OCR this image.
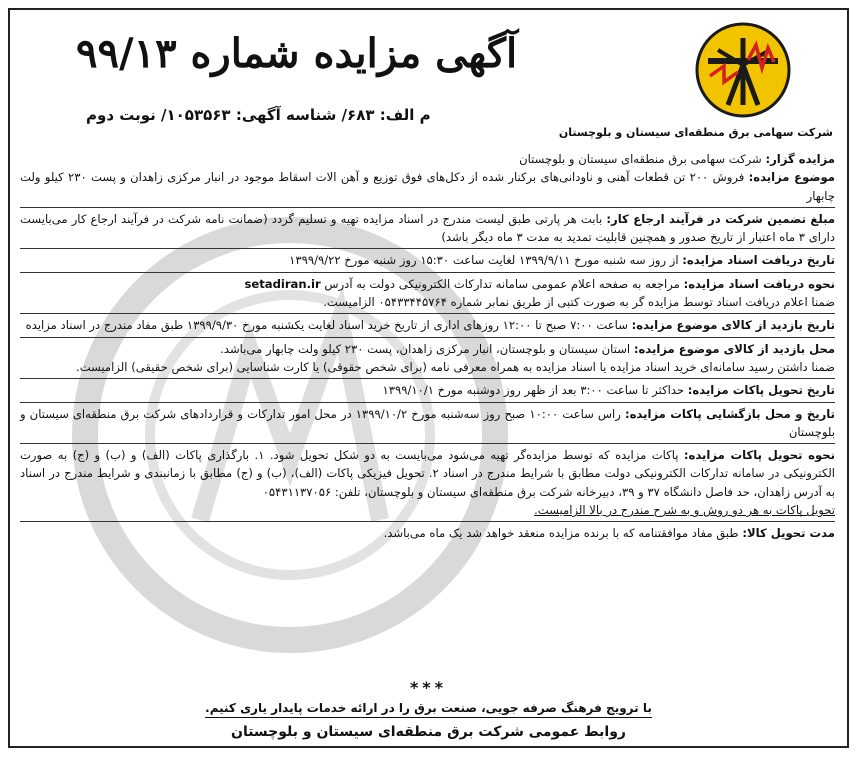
شرکت سهامی برق منطقه‌ای سیستان و بلوچستان
آگهی مزایده شماره ۹۹/۱۳
م الف: ۶۸۳/ شناسه آگهی: ۱۰۵۳۵۶۳/ نوبت دوم

مزایده گزار: شرکت سهامی برق منطقه‌ای سیستان و بلوچستان

موضوع مزایده: فروش ۲۰۰ تن قطعات آهنی و ناودانی‌های برکنار شده از دکل‌های فوق توزیع و آهن الات اسقاط موجود در انبار مرکزی زاهدان و پست ۲۳۰ کیلو ولت چابهار

مبلغ تضمین شرکت در فرآیند ارجاع کار: بابت هر پارتی طبق لیست مندرج در اسناد مزایده تهیه و تسلیم گردد (ضمانت نامه شرکت در فرآیند ارجاع کار می‌بایست دارای ۳ ماه اعتبار از تاریخ صدور و همچنین قابلیت تمدید به مدت ۳ ماه دیگر باشد)

تاریخ دریافت اسناد مزایده: از روز سه شنبه مورخ ۱۳۹۹/۹/۱۱ لغایت ساعت ۱۵:۳۰ روز شنبه مورخ ۱۳۹۹/۹/۲۲

نحوه دریافت اسناد مزایده: مراجعه به صفحه اعلام عمومی سامانه تدارکات الکترونیکی دولت به آدرس setadiran.ir

ضمنا اعلام دریافت اسناد توسط مزایده گر به صورت کتبی از طریق نمابر شماره ۰۵۴۳۳۴۴۵۷۶۴ الزامیست.

تاریخ بازدید از کالای موضوع مزایده: ساعت ۷:۰۰ صبح تا ۱۲:۰۰ روزهای اداری از تاریخ خرید اسناد لغایت یکشنبه مورخ ۱۳۹۹/۹/۳۰ طبق مفاد مندرج در اسناد مزایده

محل بازدید از کالای موضوع مزایده: استان سیستان و بلوچستان، انبار مرکزی زاهدان، پست ۲۳۰ کیلو ولت چابهار می‌باشد.

ضمنا داشتن رسید سامانه‌ای خرید اسناد مزایده یا اسناد مزایده به همراه معرفی نامه (برای شخص حقوقی) یا کارت شناسایی (برای شخص حقیقی) الزامیست.

تاریخ تحویل پاکات مزایده: حداکثر تا ساعت ۳:۰۰ بعد از ظهر روز دوشنبه مورخ ۱۳۹۹/۱۰/۱

تاریخ و محل بازگشایی پاکات مزایده: راس ساعت ۱۰:۰۰ صبح روز سه‌شنبه مورخ ۱۳۹۹/۱۰/۲ در محل امور تدارکات و قراردادهای شرکت برق منطقه‌ای سیستان و بلوچستان

نحوه تحویل پاکات مزایده: پاکات مزایده که توسط مزایده‌گر تهیه می‌شود می‌بایست به دو شکل تحویل شود. ۱. بارگذاری پاکات (الف) و (ب) و (ج) به صورت الکترونیکی در سامانه تدارکات الکترونیکی دولت مطابق با شرایط مندرج در اسناد ۲. تحویل فیزیکی پاکات (الف)، (ب) و (ج) مطابق با زمانبندی و شرایط مندرج در اسناد به آدرس زاهدان، حد فاصل دانشگاه ۳۷ و ۳۹، دبیرخانه شرکت برق منطقه‌ای سیستان و بلوچستان، تلفن: ۰۵۴۳۱۱۳۷۰۵۶

تحویل پاکات به هر دو روش و به شرح مندرج در بالا الزامیست.

مدت تحویل کالا: طبق مفاد موافقتنامه که با برنده مزایده منعقد خواهد شد یک ماه می‌باشد.

***
با ترویج فرهنگ صرفه جویی، صنعت برق را در ارائه خدمات پایدار یاری کنیم.
روابط عمومی شرکت برق منطقه‌ای سیستان و بلوچستان
